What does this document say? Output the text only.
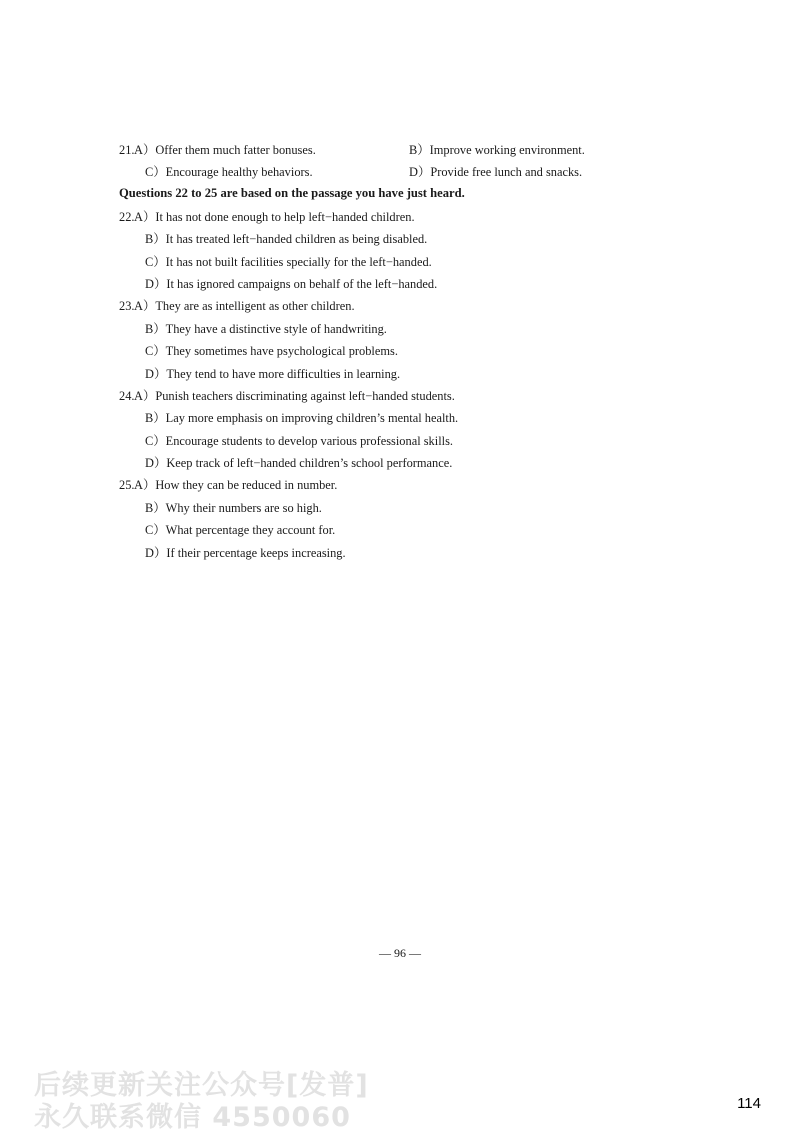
21. A）Offer them much fatter bonuses.	B）Improve working environment.
C）Encourage healthy behaviors.	D）Provide free lunch and snacks.
Questions 22 to 25 are based on the passage you have just heard.
22. A）It has not done enough to help left−handed children.
B）It has treated left−handed children as being disabled.
C）It has not built facilities specially for the left−handed.
D）It has ignored campaigns on behalf of the left−handed.
23. A）They are as intelligent as other children.
B）They have a distinctive style of handwriting.
C）They sometimes have psychological problems.
D）They tend to have more difficulties in learning.
24. A）Punish teachers discriminating against left−handed students.
B）Lay more emphasis on improving children’s mental health.
C）Encourage students to develop various professional skills.
D）Keep track of left−handed children’s school performance.
25. A）How they can be reduced in number.
B）Why their numbers are so high.
C）What percentage they account for.
D）If their percentage keeps increasing.
— 96 —
后续更新关注公众号[发普]
永久联系微信 4550060	114
